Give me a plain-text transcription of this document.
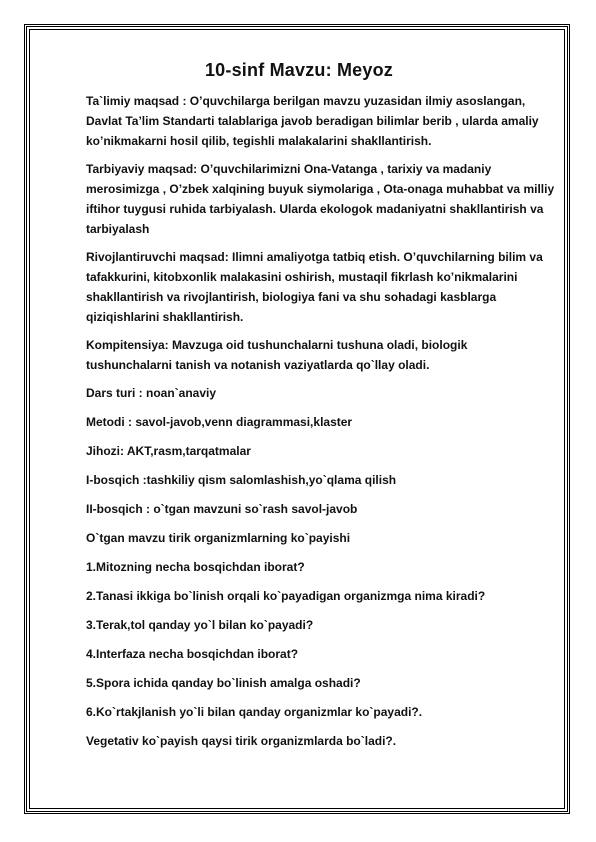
10-sinf Mavzu: Meyoz

Ta`limiy maqsad : O’quvchilarga berilgan mavzu yuzasidan ilmiy asoslangan, Davlat Ta’lim Standarti talablariga javob beradigan bilimlar berib , ularda amaliy ko’nikmakarni hosil qilib, tegishli malakalarini shakllantirish.

Tarbiyaviy maqsad: O’quvchilarimizni Ona-Vatanga , tarixiy va madaniy merosimizga , O’zbek xalqining buyuk siymolariga , Ota-onaga muhabbat va milliy iftihor tuygusi ruhida tarbiyalash. Ularda ekologok madaniyatni shakllantirish va tarbiyalash

Rivojlantiruvchi maqsad: Ilimni amaliyotga tatbiq etish. O’quvchilarning bilim va tafakkurini, kitobxonlik malakasini oshirish, mustaqil fikrlash ko’nikmalarini shakllantirish va rivojlantirish, biologiya fani va shu sohadagi kasblarga qiziqishlarini shakllantirish.

Kompitensiya: Mavzuga oid tushunchalarni tushuna oladi, biologik tushunchalarni tanish va notanish vaziyatlarda qo`llay oladi.

Dars turi : noan`anaviy

Metodi : savol-javob,venn diagrammasi,klaster

Jihozi: AKT,rasm,tarqatmalar

I-bosqich :tashkiliy qism salomlashish,yo`qlama qilish

II-bosqich : o`tgan mavzuni so`rash savol-javob

O`tgan mavzu tirik organizmlarning ko`payishi

1.Mitozning necha bosqichdan iborat?

2.Tanasi ikkiga bo`linish orqali ko`payadigan organizmga nima kiradi?

3.Terak,tol qanday yo`l bilan ko`payadi?

4.Interfaza necha bosqichdan iborat?

5.Spora ichida qanday bo`linish amalga oshadi?

6.Ko`rtakjlanish yo`li bilan qanday organizmlar ko`payadi?.

Vegetativ ko`payish qaysi tirik organizmlarda bo`ladi?.
